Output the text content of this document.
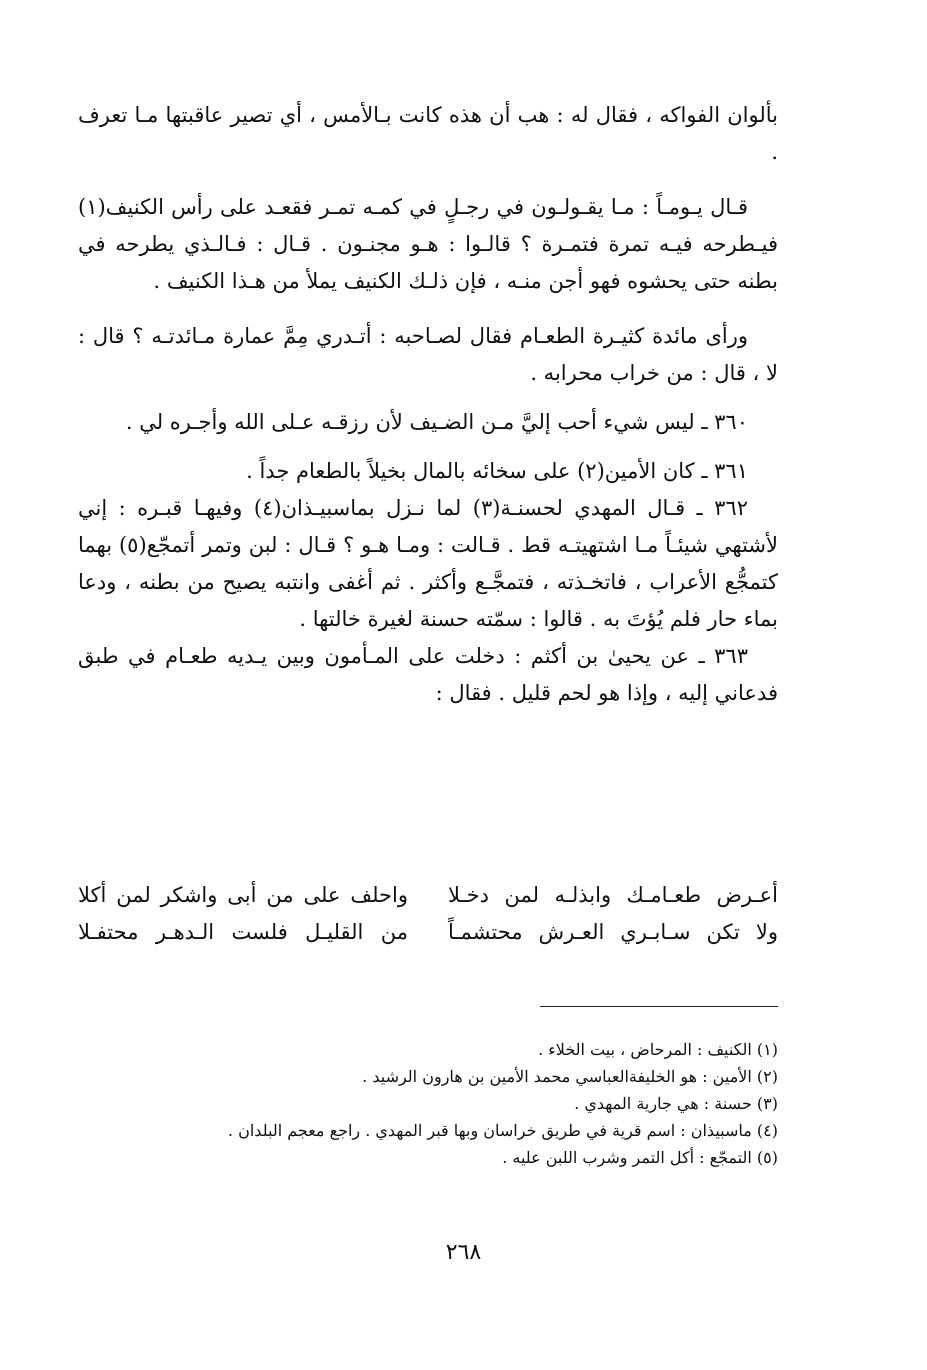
بألوان الفواكه ، فقال له : هب أن هذه كانت بـالأمس ، أي تصير عاقبتها مـا تعرف .

قـال يـومـاً : مـا يقـولـون في رجـلٍ في كمـه تمـر فقعـد على رأس الكنيف(١) فيـطرحه فيـه تمرة فتمـرة ؟ قالـوا : هـو مجنـون . قـال : فـالـذي يطرحه في بطنه حتى يحشوه فهو أجن منـه ، فإن ذلـك الكنيف يملأ من هـذا الكنيف .

ورأى مائدة كثيـرة الطعـام فقال لصـاحبه : أتـدري مِمَّ عمارة مـائدتـه ؟ قال : لا ، قال : من خراب محرابه .

٣٦٠ ـ ليس شيء أحب إليَّ مـن الضـيف لأن رزقـه عـلى الله وأجـره لي .

٣٦١ ـ كان الأمين(٢) على سخائه بالمال بخيلاً بالطعام جداً .

٣٦٢ ـ قـال المهدي لحسنـة(٣) لما نـزل بماسبيـذان(٤) وفيهـا قبـره : إني لأشتهي شيئـاً مـا اشتهيتـه قط . قـالت : ومـا هـو ؟ قـال : لبن وتمر أتمجّع(٥) بهما كتمجُّع الأعراب ، فاتخـذته ، فتمجَّـع وأكثر . ثم أغفى وانتبه يصيح من بطنه ، ودعا بماء حار فلم يُؤتَ به . قالوا : سمّته حسنة لغيرة خالتها .

٣٦٣ ـ عن يحيىٰ بن أكثم : دخلت على المـأمون وبين يـديه طعـام في طبق فدعاني إليه ، وإذا هو لحم قليل . فقال :

أعـرض طعـامـك وابذلـه لمن دخـلا
واحلف على من أبى واشكر لمن أكلا
ولا تكن سـابـري العـرش محتشمـاً
من القليـل فلست الـدهـر محتفـلا
(١) الكنيف : المرحاض ، بيت الخلاء .
(٢) الأمين : هو الخليفةالعباسي محمد الأمين بن هارون الرشيد .
(٣) حسنة : هي جارية المهدي .
(٤) ماسبيذان : اسم قرية في طريق خراسان وبها قبر المهدي . راجع معجم البلدان .
(٥) التمجّع : أكل التمر وشرب اللبن عليه .
٢٦٨
